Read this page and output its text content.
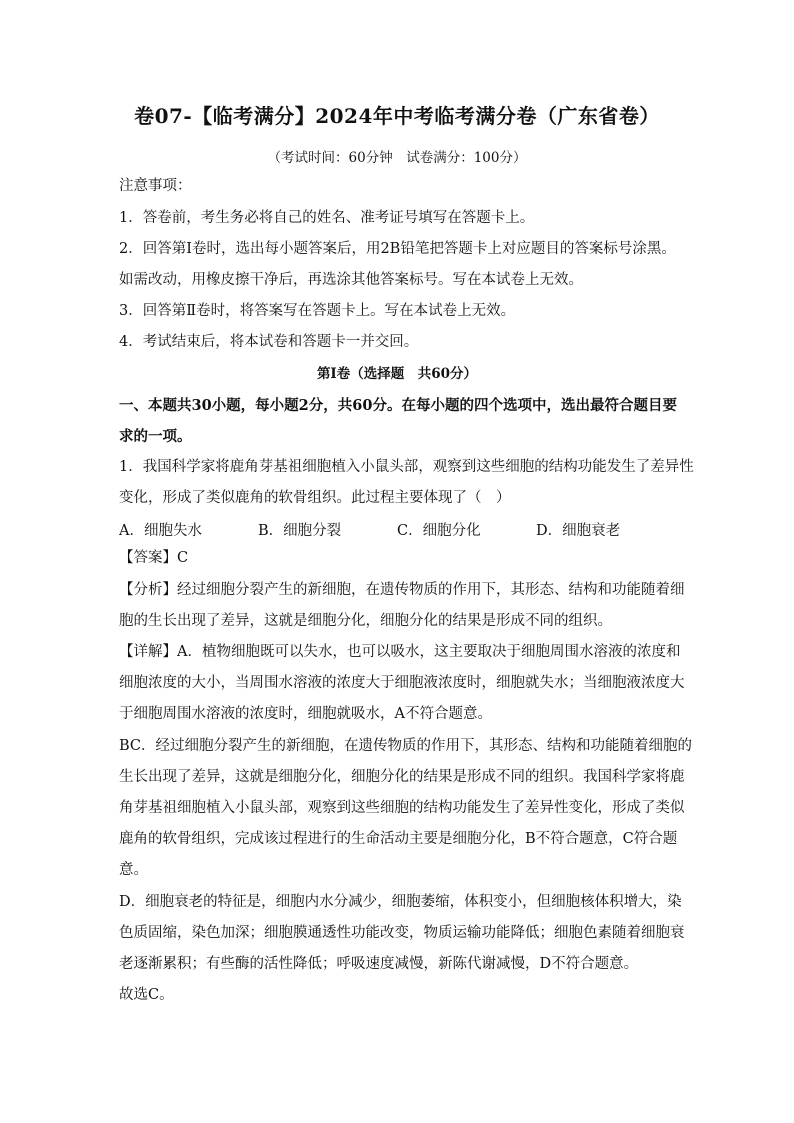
卷07-【临考满分】2024年中考临考满分卷（广东省卷）
（考试时间：60分钟　试卷满分：100分）
注意事项：
1．答卷前，考生务必将自己的姓名、准考证号填写在答题卡上。
2．回答第Ⅰ卷时，选出每小题答案后，用2B铅笔把答题卡上对应题目的答案标号涂黑。
如需改动，用橡皮擦干净后，再选涂其他答案标号。写在本试卷上无效。
3．回答第Ⅱ卷时，将答案写在答题卡上。写在本试卷上无效。
4．考试结束后，将本试卷和答题卡一并交回。
第Ⅰ卷（选择题　共60分）
一、本题共30小题，每小题2分，共60分。在每小题的四个选项中，选出最符合题目要
求的一项。
1．我国科学家将鹿角芽基祖细胞植入小鼠头部，观察到这些细胞的结构功能发生了差异性
变化，形成了类似鹿角的软骨组织。此过程主要体现了（　）
A．细胞失水	B．细胞分裂	C．细胞分化	D．细胞衰老
【答案】C
【分析】经过细胞分裂产生的新细胞，在遗传物质的作用下，其形态、结构和功能随着细
胞的生长出现了差异，这就是细胞分化，细胞分化的结果是形成不同的组织。
【详解】A．植物细胞既可以失水，也可以吸水，这主要取决于细胞周围水溶液的浓度和
细胞浓度的大小，当周围水溶液的浓度大于细胞液浓度时，细胞就失水；当细胞液浓度大
于细胞周围水溶液的浓度时，细胞就吸水，A不符合题意。
BC．经过细胞分裂产生的新细胞，在遗传物质的作用下，其形态、结构和功能随着细胞的
生长出现了差异，这就是细胞分化，细胞分化的结果是形成不同的组织。我国科学家将鹿
角芽基祖细胞植入小鼠头部，观察到这些细胞的结构功能发生了差异性变化，形成了类似
鹿角的软骨组织，完成该过程进行的生命活动主要是细胞分化，B不符合题意，C符合题
意。
D．细胞衰老的特征是，细胞内水分减少，细胞萎缩，体积变小，但细胞核体积增大，染
色质固缩，染色加深；细胞膜通透性功能改变，物质运输功能降低；细胞色素随着细胞衰
老逐渐累积；有些酶的活性降低；呼吸速度减慢，新陈代谢减慢，D不符合题意。
故选C。
